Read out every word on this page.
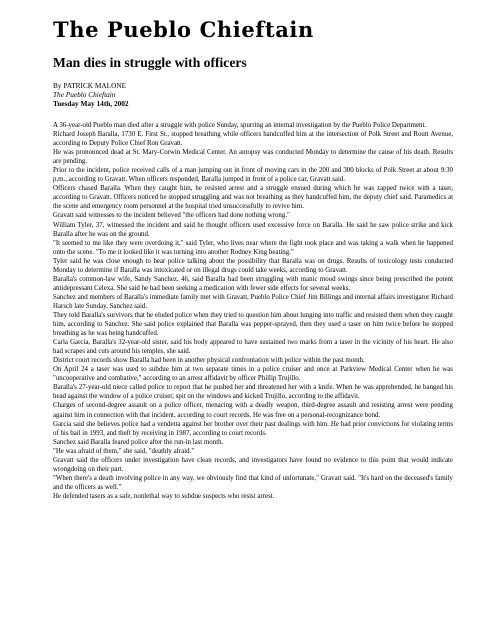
The Pueblo Chieftain
Man dies in struggle with officers
By PATRICK MALONE
The Pueblo Chieftain
Tuesday May 14th, 2002

A 36-year-old Pueblo man died after a struggle with police Sunday, spurring an internal investigation by the Pueblo Police Department.

Richard Joseph Baralla, 1730 E. First St., stopped breathing while officers handcuffed him at the intersection of Polk Street and Routt Avenue, according to Deputy Police Chief Ron Gravatt.

He was pronounced dead at St. Mary-Corwin Medical Center. An autopsy was conducted Monday to determine the cause of his death. Results are pending.

Prior to the incident, police received calls of a man jumping out in front of moving cars in the 200 and 300 blocks of Polk Street at about 9:30 p.m., according to Gravatt. When officers responded, Baralla jumped in front of a police car, Gravatt said.

Officers chased Baralla. When they caught him, he resisted arrest and a struggle ensued during which he was zapped twice with a taser, according to Gravatt. Officers noticed he stopped struggling and was not breathing as they handcuffed him, the deputy chief said. Paramedics at the scene and emergency room personnel at the hospital tried unsuccessfully to revive him.

Gravatt said witnesses to the incident believed "the officers had done nothing wrong."

William Tyler, 37, witnessed the incident and said he thought officers used excessive force on Baralla. He said he saw police strike and kick Baralla after he was on the ground.

"It seemed to me like they were overdoing it," said Tyler, who lives near where the fight took place and was taking a walk when he happened onto the scene. "To me it looked like it was turning into another Rodney King beating."

Tyler said he was close enough to hear police talking about the possibility that Baralla was on drugs. Results of toxicology tests conducted Monday to determine if Baralla was intoxicated or on illegal drugs could take weeks, according to Gravatt.

Baralla's common-law wife, Sandy Sanchez, 46, said Baralla had been struggling with manic mood swings since being prescribed the potent antidepressant Celexa. She said he had been seeking a medication with fewer side effects for several weeks.

Sanchez and members of Baralla's immediate family met with Gravatt, Pueblo Police Chief Jim Billings and internal affairs investigator Richard Harsch late Sunday, Sanchez said.

They told Baralla's survivors that he eluded police when they tried to question him about lunging into traffic and resisted them when they caught him, according to Sanchez. She said police explained that Baralla was pepper-sprayed, then they used a taser on him twice before he stopped breathing as he was being handcuffed.

Carla Garcia, Baralla's 32-year-old sister, said his body appeared to have sustained two marks from a taser in the vicinity of his heart. He also had scrapes and cuts around his temples, she said.

District court records show Baralla had been in another physical confrontation with police within the past month.

On April 24 a taser was used to subdue him at two separate times in a police cruiser and once at Parkview Medical Center when he was "uncooperative and combative," according to an arrest affidavit by officer Phillip Trujillo.

Baralla's 27-year-old niece called police to report that he pushed her and threatened her with a knife. When he was apprehended, he banged his head against the window of a police cruiser, spit on the windows and kicked Trujillo, according to the affidavit.

Charges of second-degree assault on a police officer, menacing with a deadly weapon, third-degree assault and resisting arrest were pending against him in connection with that incident, according to court records. He was free on a personal-recognizance bond.

Garcia said she believes police had a vendetta against her brother over their past dealings with him. He had prior convictions for violating terms of his bail in 1993, and theft by receiving in 1987, according to court records.

Sanchez said Baralla feared police after the run-in last month.

"He was afraid of them," she said, "deathly afraid."

Gravatt said the officers under investigation have clean records, and investigators have found no evidence to this point that would indicate wrongdoing on their part.

"When there's a death involving police in any way, we obviously find that kind of unfortunate," Gravatt said. "It's hard on the deceased's family and the officers as well."

He defended tasers as a safe, nonlethal way to subdue suspects who resist arrest.
